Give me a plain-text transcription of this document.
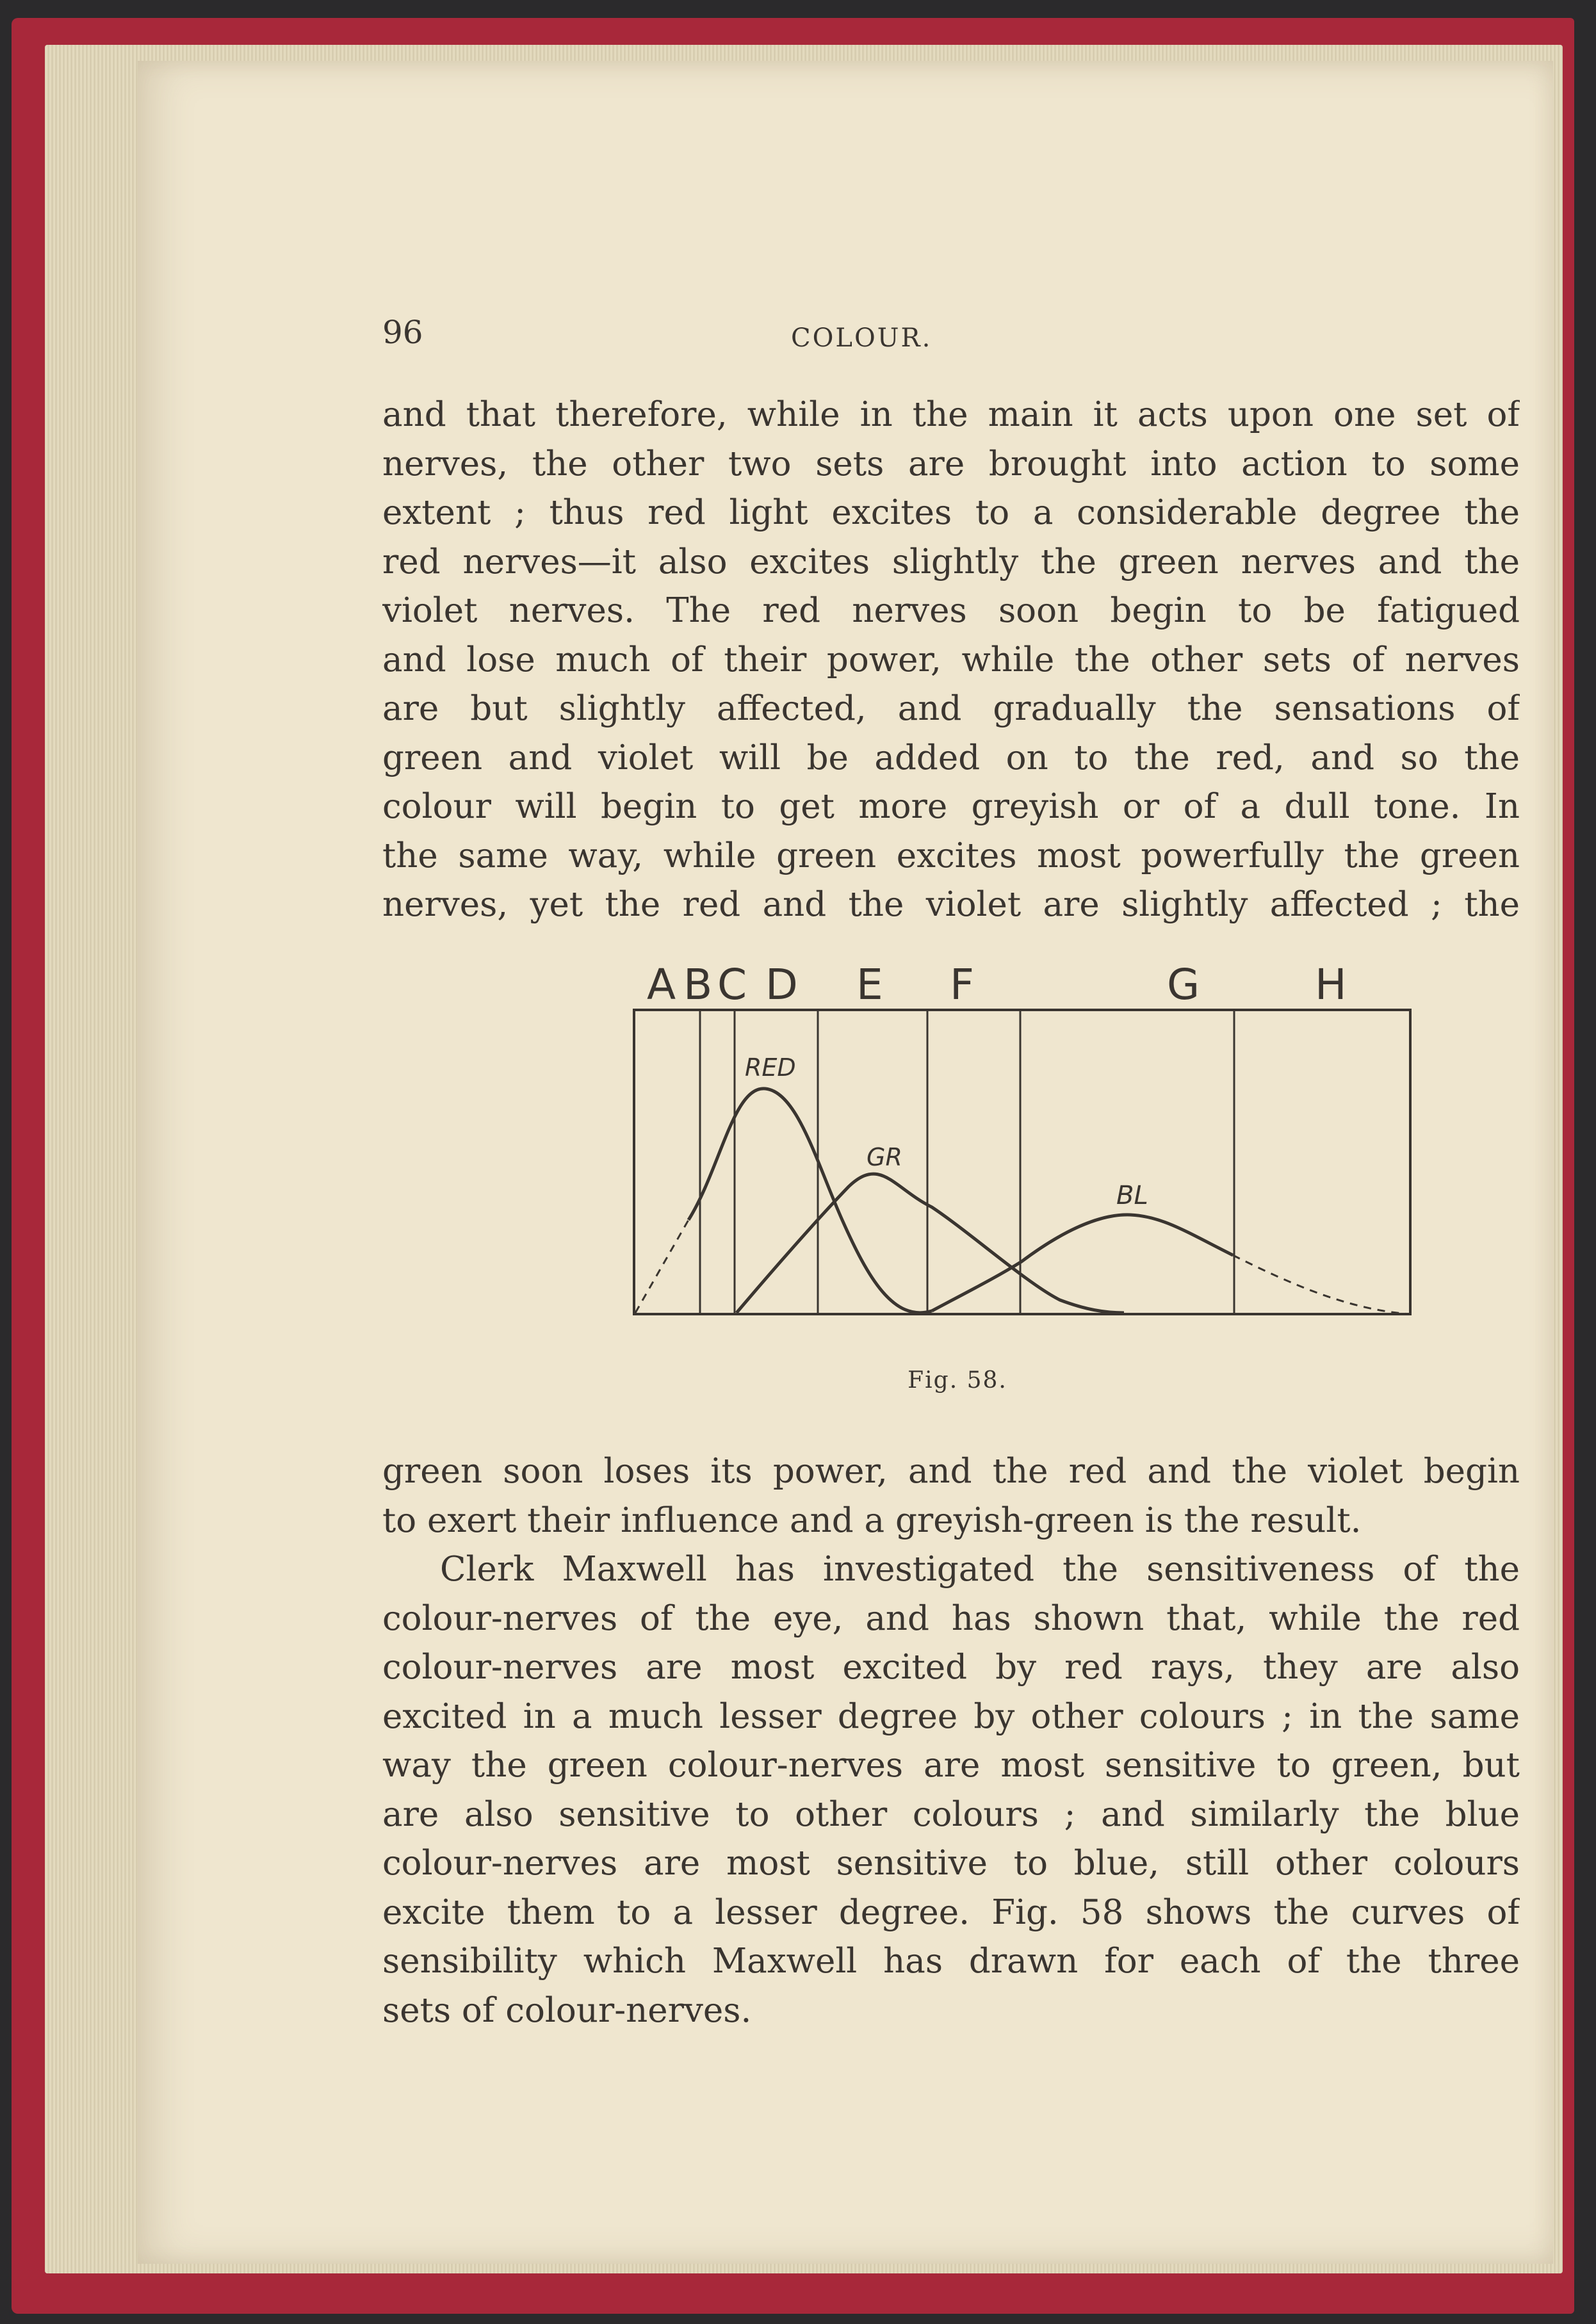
96	COLOUR.
and that therefore, while in the main it acts upon one set of
nerves, the other two sets are brought into action to some
extent ; thus red light excites to a considerable degree the
red nerves—it also excites slightly the green nerves and the
violet nerves. The red nerves soon begin to be fatigued
and lose much of their power, while the other sets of nerves
are but slightly affected, and gradually the sensations of
green and violet will be added on to the red, and so the
colour will begin to get more greyish or of a dull tone. In
the same way, while green excites most powerfully the green
nerves, yet the red and the violet are slightly affected ; the
A B C D E F	G	H
RED
GR
BL
Fig. 58.
green soon loses its power, and the red and the violet begin
to exert their influence and a greyish-green is the result.
Clerk Maxwell has investigated the sensitiveness of the
colour-nerves of the eye, and has shown that, while the red
colour-nerves are most excited by red rays, they are also
excited in a much lesser degree by other colours ; in the same
way the green colour-nerves are most sensitive to green, but
are also sensitive to other colours ; and similarly the blue
colour-nerves are most sensitive to blue, still other colours
excite them to a lesser degree. Fig. 58 shows the curves of
sensibility which Maxwell has drawn for each of the three
sets of colour-nerves.
